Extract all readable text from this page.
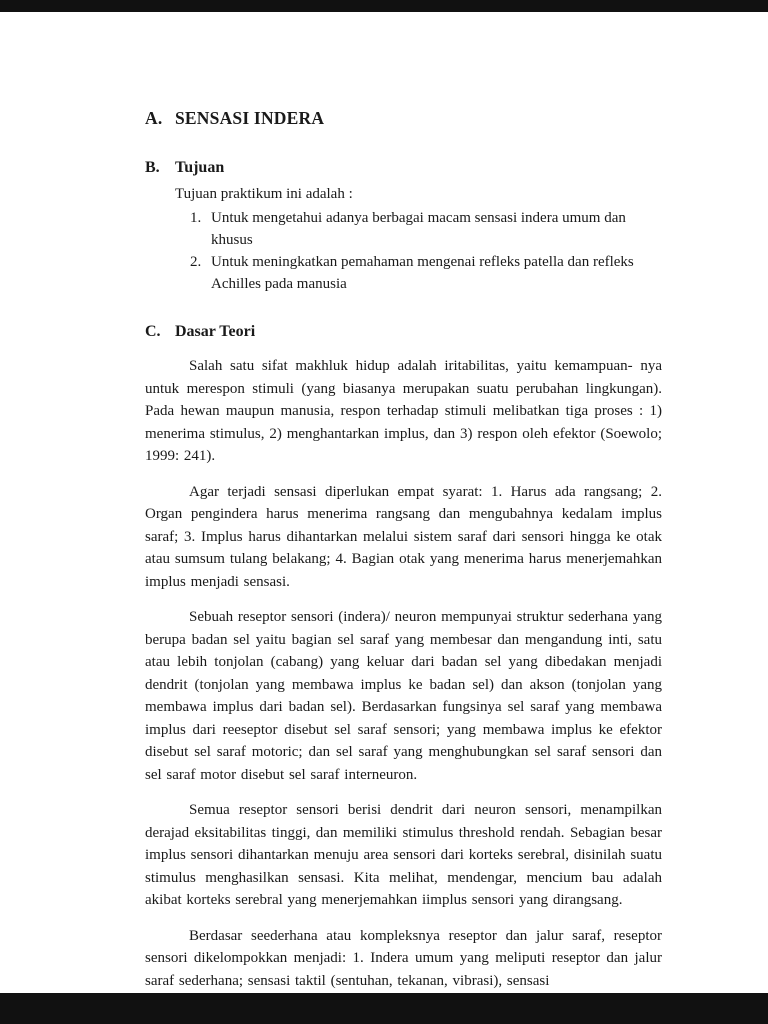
A. SENSASI INDERA
B. Tujuan

Tujuan praktikum ini adalah :

1. Untuk mengetahui adanya berbagai macam sensasi indera umum dan khusus
2. Untuk meningkatkan pemahaman mengenai refleks patella dan refleks Achilles pada manusia
C. Dasar Teori

Salah satu sifat makhluk hidup adalah iritabilitas, yaitu kemampuan- nya untuk merespon stimuli (yang biasanya merupakan suatu perubahan lingkungan). Pada hewan maupun manusia, respon terhadap stimuli melibatkan tiga proses : 1) menerima stimulus, 2) menghantarkan implus, dan 3) respon oleh efektor (Soewolo; 1999: 241).

Agar terjadi sensasi diperlukan empat syarat: 1. Harus ada rangsang; 2. Organ pengindera harus menerima rangsang dan mengubahnya kedalam implus saraf; 3. Implus harus dihantarkan melalui sistem saraf dari sensori hingga ke otak atau sumsum tulang belakang; 4. Bagian otak yang menerima harus menerjemahkan implus menjadi sensasi.

Sebuah reseptor sensori (indera)/ neuron mempunyai struktur sederhana yang berupa badan sel yaitu bagian sel saraf yang membesar dan mengandung inti, satu atau lebih tonjolan (cabang) yang keluar dari badan sel yang dibedakan menjadi dendrit (tonjolan yang membawa implus ke badan sel) dan akson (tonjolan yang membawa implus dari badan sel). Berdasarkan fungsinya sel saraf yang membawa implus dari reeseptor disebut sel saraf sensori; yang membawa implus ke efektor disebut sel saraf motoric; dan sel saraf yang menghubungkan sel saraf sensori dan sel saraf motor disebut sel saraf interneuron.

Semua reseptor sensori berisi dendrit dari neuron sensori, menampilkan derajad eksitabilitas tinggi, dan memiliki stimulus threshold rendah. Sebagian besar implus sensori dihantarkan menuju area sensori dari korteks serebral, disinilah suatu stimulus menghasilkan sensasi. Kita melihat, mendengar, mencium bau adalah akibat korteks serebral yang menerjemahkan iimplus sensori yang dirangsang.

Berdasar seederhana atau kompleksnya reseptor dan jalur saraf, reseptor sensori dikelompokkan menjadi: 1. Indera umum yang meliputi reseptor dan jalur saraf sederhana; sensasi taktil (sentuhan, tekanan, vibrasi), sensasi
